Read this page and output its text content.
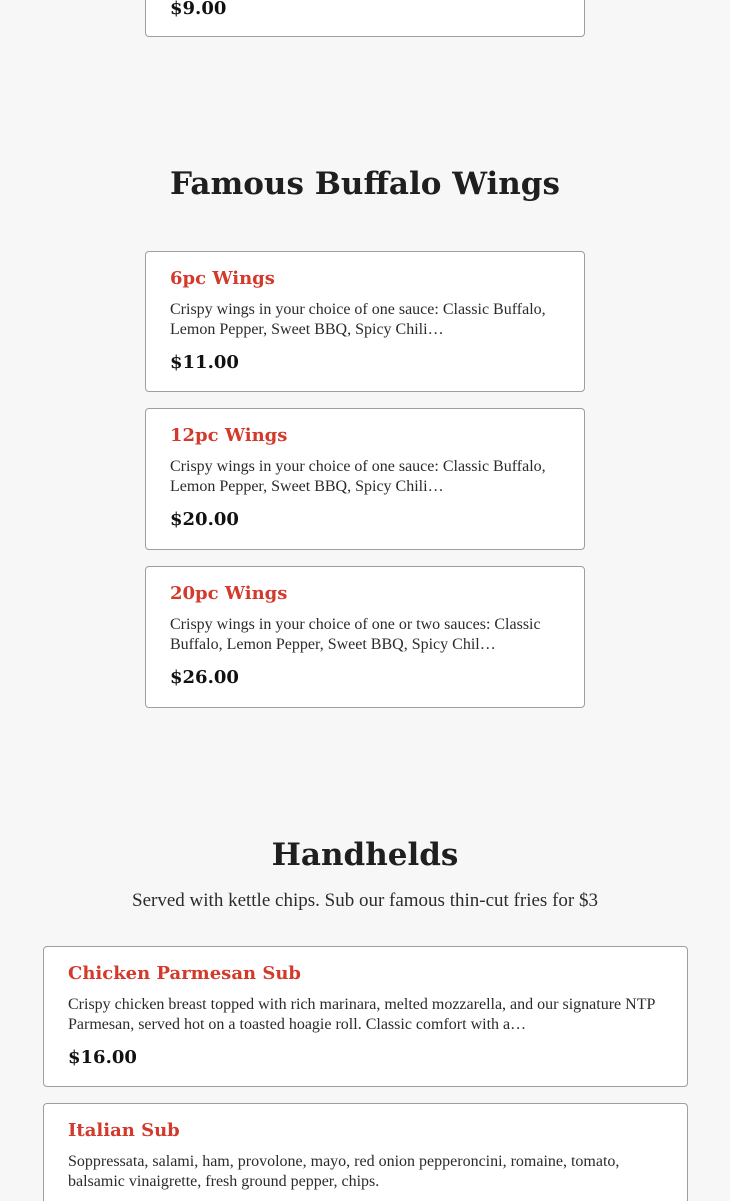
$9.00
Famous Buffalo Wings
6pc Wings
Crispy wings in your choice of one sauce: Classic Buffalo, Lemon Pepper, Sweet BBQ, Spicy Chili…
$11.00
12pc Wings
Crispy wings in your choice of one sauce: Classic Buffalo, Lemon Pepper, Sweet BBQ, Spicy Chili…
$20.00
20pc Wings
Crispy wings in your choice of one or two sauces: Classic Buffalo, Lemon Pepper, Sweet BBQ, Spicy Chil…
$26.00
Handhelds

Served with kettle chips. Sub our famous thin-cut fries for $3

Chicken Parmesan Sub
Crispy chicken breast topped with rich marinara, melted mozzarella, and our signature NTP Parmesan, served hot on a toasted hoagie roll. Classic comfort with a…
$16.00
Italian Sub
Soppressata, salami, ham, provolone, mayo, red onion pepperoncini, romaine, tomato, balsamic vinaigrette, fresh ground pepper, chips.
